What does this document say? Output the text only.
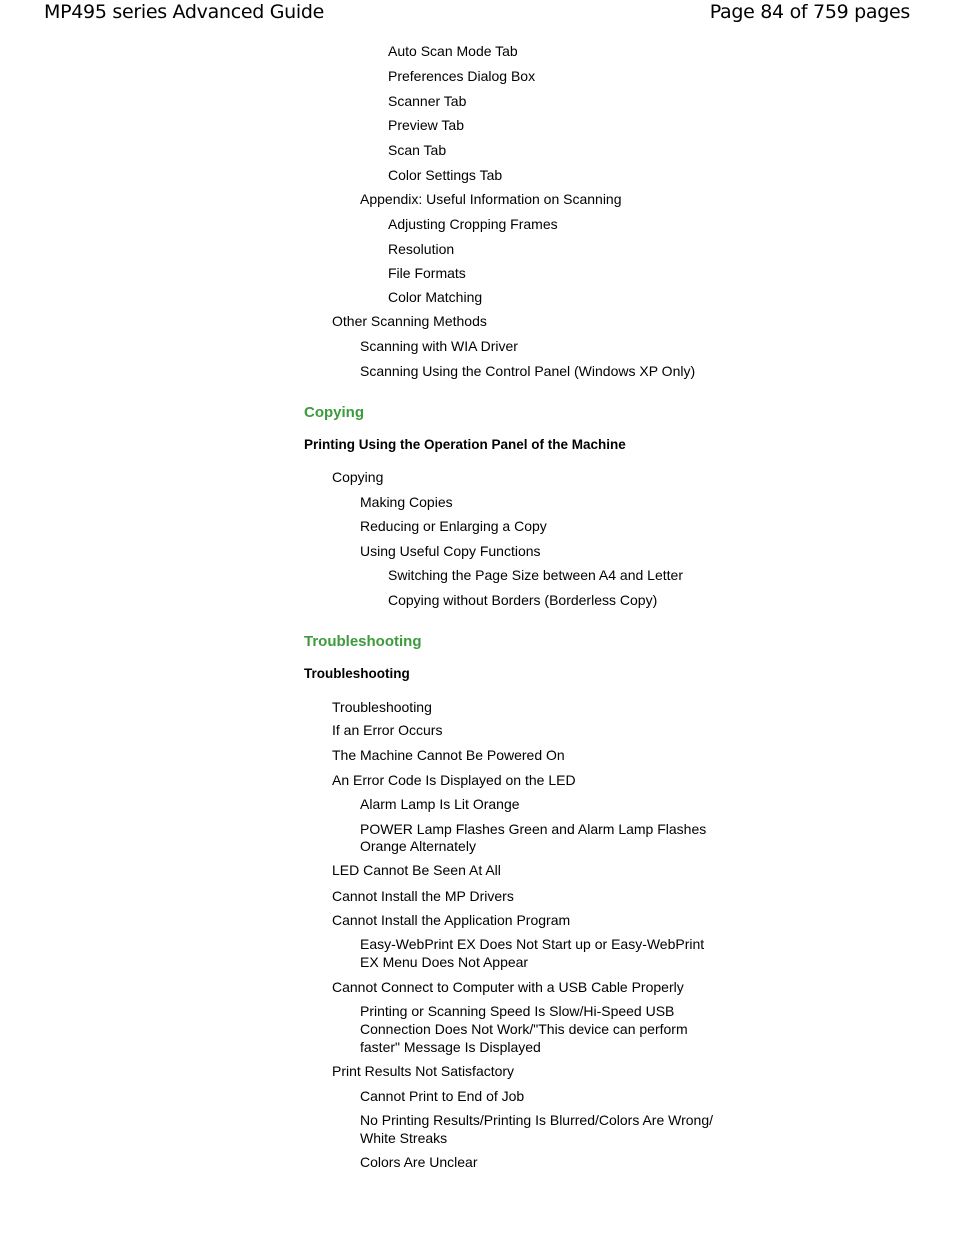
MP495 series Advanced Guide	Page 84 of 759 pages
Auto Scan Mode Tab
Preferences Dialog Box
Scanner Tab
Preview Tab
Scan Tab
Color Settings Tab
Appendix: Useful Information on Scanning
Adjusting Cropping Frames
Resolution
File Formats
Color Matching
Other Scanning Methods
Scanning with WIA Driver
Scanning Using the Control Panel (Windows XP Only)
Copying
Printing Using the Operation Panel of the Machine
Copying
Making Copies
Reducing or Enlarging a Copy
Using Useful Copy Functions
Switching the Page Size between A4 and Letter
Copying without Borders (Borderless Copy)
Troubleshooting
Troubleshooting
Troubleshooting
If an Error Occurs
The Machine Cannot Be Powered On
An Error Code Is Displayed on the LED
Alarm Lamp Is Lit Orange
POWER Lamp Flashes Green and Alarm Lamp Flashes
Orange Alternately
LED Cannot Be Seen At All
Cannot Install the MP Drivers
Cannot Install the Application Program
Easy-WebPrint EX Does Not Start up or Easy-WebPrint
EX Menu Does Not Appear
Cannot Connect to Computer with a USB Cable Properly
Printing or Scanning Speed Is Slow/Hi-Speed USB
Connection Does Not Work/"This device can perform
faster" Message Is Displayed
Print Results Not Satisfactory
Cannot Print to End of Job
No Printing Results/Printing Is Blurred/Colors Are Wrong/
White Streaks
Colors Are Unclear
